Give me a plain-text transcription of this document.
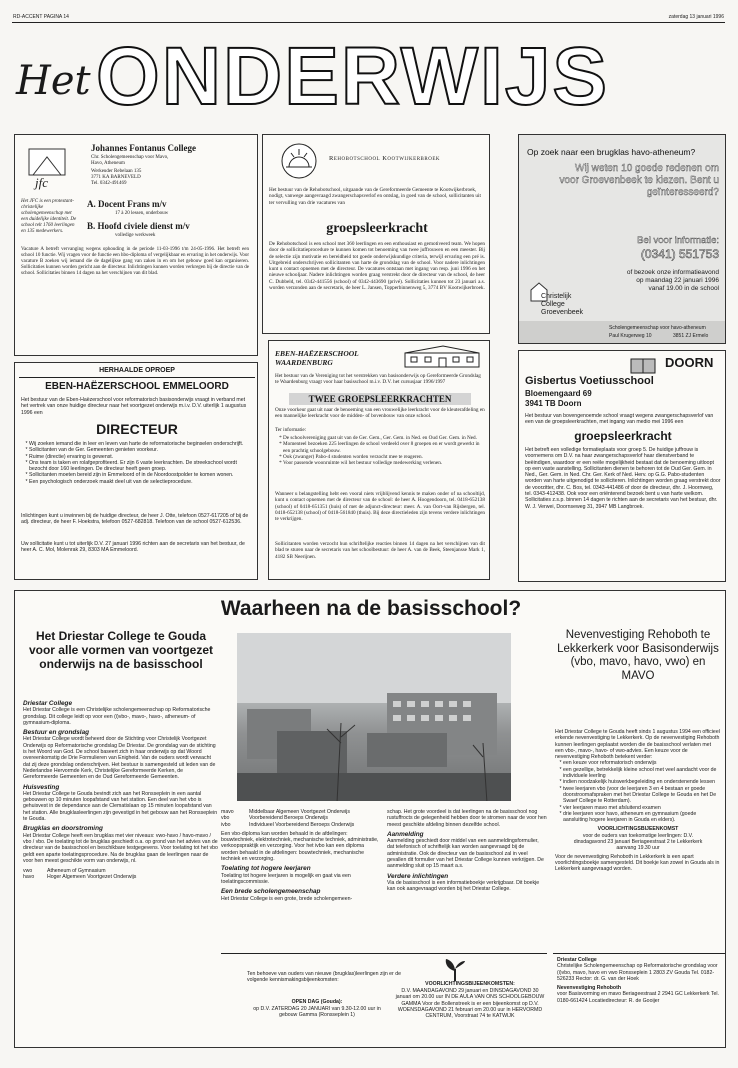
RD-ACCENT PAGINA 14	zaterdag 13 januari 1996
Het ONDERWIJS
jfc
Johannes Fontanus College
Chr. Scholengemeenschap voor Mavo, Havo, Atheneum
Werkeuder Rebelaan 135
3771 KA BARNEVELD
Tel. 0342-491469
Het JFC is een protestant-christelijke scholengemeenschap met een duidelijke identiteit. De school telt 1760 leerlingen en 135 medewerkers.
A. Docent Frans m/v
17 à 20 lessen, onderbouw
B. Hoofd civiele dienst m/v
volledige werkweek
Vacature A betreft vervanging wegens ophouding in de periode 11-03-1996 t/m 24-05-1996. Het betreft een school 10 functie. Wij vragen voor de functie een hbo-diploma of vergelijkbaar en ervaring in het onderwijs. Voor vacature B zoeken wij iemand die de dagelijkse gang van zaken in en om het gebouw goed kan organiseren. Sollicitaties kunnen worden gericht aan de directeur. Inlichtingen kunnen worden verkregen bij de directie van de school. Sollicitaties binnen 14 dagen na het verschijnen van dit blad.
Rehobotschool Kootwijkerbroek
Het bestuur van de Rehobotschool, uitgaande van de Gereformeerde Gemeente te Kootwijkerbroek, nodigt, vanwege aangevraagd zwangerschapsverlof en ontslag, in goed van de school, sollicitanten uit ter vervulling van drie vacatures van
groepsleerkracht
De Rehobotschool is een school met 360 leerlingen en een enthousiast en gemotiveerd team. We hopen door de sollicitatieprocedure te kunnen komen tot benoeming van twee juffrouwen en een meester. Bij de selectie zijn motivatie en bereidheid tot goede onderwijskundige criteria, terwijl ervaring een pré is. Uitgebreid onderschrijven sollicitanten van harte de grondslag van de school. Voor nadere inlichtingen kunt u contact opnemen met de directeur. De vacatures ontstaan met ingang van resp. juni 1996 en het nieuwe schooljaar. Nadere inlichtingen worden graag verstrekt door de directeur van de school, de heer C. Dubbeld, tel. 0342-441556 (school) of 0342-443690 (privé). Sollicitaties kunnen tot 23 januari a.s. worden verzonden aan de secretaris, de heer L. Jansen, Topperbinnenweg 5, 3774 BV Kootwijkerbroek.
Op zoek naar een brugklas havo-atheneum?
Wij weten 10 goede redenen om voor Groevenbeek te kiezen. Bent u geïnteresseerd?
Bel voor informatie:
(0341) 551753
of bezoek onze informatieavond op maandag 22 januari 1996 vanaf 19.00 in de school
Christelijk
College
Groevenbeek
Scholengemeenschap voor havo-atheneum
Paul Krugerweg 10	3851 ZJ Ermelo
HERHAALDE OPROEP
EBEN-HAËZERSCHOOL EMMELOORD
Het bestuur van de Eben-Haëzerschool voor reformatorisch basisonderwijs vraagt in verband met het vertrek van onze huidige directeur naar het voortgezet onderwijs m.i.v. D.V. uiterlijk 1 augustus 1996 een
DIRECTEUR
* Wij zoeken iemand die in leer en leven van harte de reformatorische beginselen onderschrijft.
* Sollicitanten van de Ger. Gemeenten genieten voorkeur.
* Ruime (directie) ervaring is gewenst.
* Ons team is taken en rolafgeprofiteerd. Er zijn 6 vaste leerkrachten. De streekschool wordt bezocht door 160 leerlingen. De directeur heeft geen groep.
* Sollicitanten moeten bereid zijn in Emmeloord of in de Noordoostpolder te komen wonen.
* Een psychologisch onderzoek maakt deel uit van de selectieprocedure.
Inlichtingen kunt u inwinnen bij de huidige directeur, de heer J. Otte, telefoon 0527-617205 of bij de adj. directeur, de heer F. Hoekstra, telefoon 0527-682818. Telefoon van de school 0527-612536.
Uw sollicitatie kunt u tot uiterlijk D.V. 27 januari 1996 richten aan de secretaris van het bestuur, de heer A. C. Mol, Molenrak 29, 8303 MA Emmeloord.
EBEN-HAËZERSCHOOL
WAARDENBURG
Het bestuur van de Vereniging tot het verstrekken van basisonderwijs op Gereformeerde Grondslag te Waardenburg vraagt voor haar basisschool m.i.v. D.V. het cursusjaar 1996/1997
TWEE GROEPSLEERKRACHTEN
Onze voorkeur gaat uit naar de benoeming van een vrouwelijke leerkracht voor de kleuterafdeling en een mannelijke leerkracht voor de midden- of bovenbouw van onze school.
Ter informatie:
* De schoolvereniging gaat uit van de Ger. Gem., Ger. Gem. in Ned. en Oud Ger. Gem. in Ned.
* Momenteel bezoeken 225 leerlingen de school verdeeld over 8 groepen en er wordt gewerkt in een prachtig schoolgebouw.
* Ook (zwanger) Pabo-4 studenten worden verzocht mee te reageren.
* Voor passende woonruimte wil het bestuur volledige medewerking verlenen.
Wanneer u belangstelling hebt een vooral niets vrijblijvend kennis te maken onder of na schooltijd, kunt u contact opnemen met de directeur van de school: de heer A. Hoogendoorn, tel. 0418-652138 (school) of 0418-651351 (huis) of met de adjunct-directeur: meer. A. van Oort-van Rijsbergen, tel. 0418-652138 (school) of 0418-561840 (thuis). Bij deze directieleden zijn tevens verdere inlichtingen te verkrijgen.
Sollicitanten worden verzocht hun schriftelijke reacties binnen 14 dagen na het verschijnen van dit blad te sturen naar de secretaris van het schoolbestuur: de heer A. van de Beek, Steenjansse Mark 1, 4182 SB Neerijnen.
DOORN
Gisbertus Voetiusschool
Bloemengaard 69
3941 TB Doorn
Het bestuur van bovengenoemde school vraagt wegens zwangerschapsverlof van een van de groepsleerkrachten, met ingang van medio mei 1996 een
groepsleerkracht
Het betreft een volledige formatieplaats voor groep 5. De huidige juffrouw is voornemens om D.V. na haar zwangerschapsverlof haar dienstverband te beëindigen, waardoor er een reële mogelijkheid bestaat dat de benoeming uitloopt op een vaste aanstelling. Sollicitanten dienen te behoren tot de Oud Ger. Gem. in Ned., Ger. Gem. in Ned. Chr. Ger. Kerk of Ned. Herv. op G.G. Pabo-studenten worden van harte uitgenodigd te solliciteren. Inlichtingen worden graag verstrekt door de voorzitter, dhr. C. Bos, tel. 0343-441486 of door de directeur, dhr. J. Hoornweg, tel. 0343-412438. Ook voor een oriënterend bezoek bent u van harte welkom. Sollicitaties z.s.p. binnen 14 dagen te richten aan de secretaris van het bestuur, dhr. W. J. Verwei, Doornseweg 31, 3947 MB Langbroek.
Waarheen na de basisschool?
Het Driestar College te Gouda voor alle vormen van voortgezet onderwijs na de basisschool
Driestar College
Het Driestar College is een Christelijke scholengemeenschap op Reformatorische grondslag. Dit college leidt op voor een (i)vbo-, mavo-, havo-, atheneum- of gymnasium-diploma.
Bestuur en grondslag
Het Driestar College wordt beheerd door de Stichting voor Christelijk Voortgezet Onderwijs op Reformatorische grondslag De Driestar. De grondslag van de stichting is het Woord van God. De school baseert zich in haar onderwijs op dat Woord overeenkomstig de Drie Formulieren van Enigheid. Van de ouders wordt verwacht dat zij deze grondslag onderschrijven. Het bestuur is samengesteld uit leden van de Nederlandse Hervormde Kerk, Christelijke Gereformeerde Kerken, de Gereformeerde Gemeenten en de Oud Gereformeerde Gemeenten.
Huisvesting
Het Driestar College te Gouda bevindt zich aan het Ronsseplein in een aantal gebouwen op 10 minuten loopafstand van het station. Een deel van het vbo is gehuisvest in de dependance aan de Clematislaan op 15 minuten loopafstand van het station. Alle brugklasleerlingen zijn gevestigd in het gebouw aan het Ronsseplein te Gouda.
Brugklas en doorstroming
Het Driestar College heeft een brugklas met vier niveaus: vwo-havo / havo-mavo / vbo / vbo. De toelating tot de brugklas geschiedt o.a. op grond van het advies van de directeur van de basisschool en beschikbare testgegevens. Voor toelating tot het vbo geldt een aparte toelatingsprocedure. Na de brugklas gaan de leerlingen naar de voor hen meest geschikte vorm van onderwijs, nl.
vwo	Atheneum of Gymnasium
havo Hoger Algemeen Voortgezet Onderwijs
mavo	Middelbaar Algemeen Voortgezet Onderwijs
vbo	Voorbereidend Beroeps Onderwijs
ivbo	Individueel Voorbereidend Beroeps Onderwijs
Een vbo-diploma kan worden behaald in de afdelingen: bouwtechniek, elektrotechniek, mechanische techniek, administratie, verkoopspraktijk en verzorging. Voor het ivbo kan een diploma worden behaald in de afdelingen: bouwtechniek, mechanische techniek en verzorging.
Toelating tot hogere leerjaren
Toelating tot hogere leerjaren is mogelijk en gaat via een toelatingscommissie.
Een brede scholengemeenschap
Het Driestar College is een grote, brede scholengemeen-
schap. Het grote voordeel is dat leerlingen na de basisschool nog rustuffrocts de gelegenheid hebben door te stromen naar de voor hen meest geschikte afdeling binnen dezelfde school.
Aanmelding
Aanmelding geschiedt door middel van een aanmeldingsformulier, dat telefonisch of schriftelijk kan worden aangevraagd bij de administratie. Ook de directeur van de basisschool zal in veel gevallen dit formulier van het Driestar College kunnen verkrijgen. De aanmelding sluit op 15 maart a.s.
Verdere inlichtingen
Via de basisschool is een informatieboekje verkrijgbaar. Dit boekje kan ook aangevraagd worden bij het Driestar College.
Nevenvestiging Rehoboth te Lekkerkerk voor Basisonderwijs (vbo, mavo, havo, vwo) en MAVO
Het Driestar College te Gouda heeft sinds 1 augustus 1994 een officieel erkende nevenvestiging te Lekkerkerk. Op de nevenvestiging Rehoboth kunnen leerlingen geplaatst worden die de basisschool verlaten met een vbo-, mavo-, havo- of vwo-advies. Een keuze voor de nevenvestiging Rehoboth betekent verder:
* een keuze voor reformatorisch onderwijs
* een gezellige, betrekkelijk kleine school met veel aandacht voor de individuele leerling
* indien noodzakelijk huiswerkbegeleiding en onderstenende lessen
* twee leerjaren vbo (voor de leerjaren 3 en 4 bestaan er goede doorstroomafspraken met het Driestar College te Gouda en het De Swaef College te Rotterdam).
* vier leerjaren mavo met afsluitend examen
* drie leerjaren voor havo, atheneum en gymnasium (goede aansluiting hogere leerjaren in Gouda en elders).
VOORLICHTINGSBIJEENKOMST
voor de ouders van toekomstige leerlingen: D.V. dinsdagavond 23 januari Beriageestraat 2 te Lekkerkerk aanvang 19.30 uur
Voor de nevenvestiging Rehoboth in Lekkerkerk is een apart voorlichtingsboekje samengesteld. Dit boekje kan zowel in Gouda als in Lekkerkerk aangevraagd worden.
Ten behoeve van ouders van nieuwe (brugklas)leerlingen zijn er de volgende kennismakingsbijeenkomsten:
OPEN DAG (Gouda):
op D.V. ZATERDAG 20 JANUARI van 9.30-12.00 uur in gebouw Gamma (Ronsseplein 1)
VOORLICHTINGSBIJEENKOMSTEN:
D.V. MAANDAGAVOND 29 januari en DINSDAGAVOND 30 januari om 20.00 uur IN DE AULA VAN ONS SCHOOLGEBOUW GAMMA Voor de Bollenstreek is er een bijeenkomst op D.V. WOENSDAGAVOND 21 februari om 20.00 uur in HERVORMD CENTRUM, Voorstraat 74 te KATWIJK
Driestar College
Christelijke Scholengemeenschap op Reformatorische grondslag voor (i)vbo, mavo, havo en vwo Ronsseplein 1 2803 ZV Gouda Tel. 0182-526233 Rector: dr. G. van der Hoek
Nevenvestiging Rehoboth
voor Basisvorming en mavo Beriageestraat 2 2941 GC Lekkerkerk Tel. 0180-661424 Locatiedirecteur: R. de Gooijer
